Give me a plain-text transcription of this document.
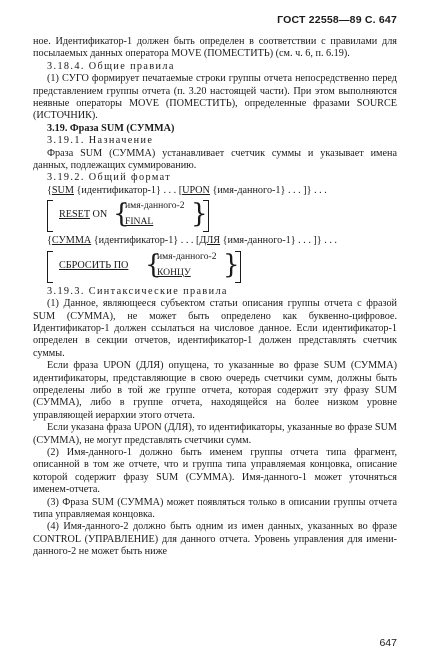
ГОСТ 22558—89 С. 647

ное. Идентификатор-1 должен быть определен в соответствии с правилами для посылаемых данных оператора MOVE (ПОМЕСТИТЬ) (см. ч. 6, п. 6.19).

3.18.4. Общие правила

(1) СУГО формирует печатаемые строки группы отчета непосредственно перед представлением группы отчета (п. 3.20 настоящей части). При этом выполняются неявные операторы MOVE (ПОМЕСТИТЬ), определенные фразами SOURCE (ИСТОЧНИК).

3.19. Фраза SUM (СУММА)

3.19.1. Назначение

Фраза SUM (СУММА) устанавливает счетчик суммы и указывает имена данных, подлежащих суммированию.

3.19.2. Общий формат

{SUM {идентификатор-1} . . . [UPON {имя-данного-1} . . . ]} . . .

RESET ON {
имя-данного-2
FINAL }

{СУММА {идентификатор-1} . . . [ДЛЯ {имя-данного-1} . . . ]} . . .

СБРОСИТЬ ПО {
имя-данного-2
КОНЦУ }

3.19.3. Синтаксические правила

(1) Данное, являющееся субъектом статьи описания группы отчета с фразой SUM (СУММА), не может быть определено как буквенно-цифровое. Идентификатор-1 должен ссылаться на числовое данное. Если идентификатор-1 определен в секции отчетов, идентификатор-1 должен представлять счетчик суммы.

Если фраза UPON (ДЛЯ) опущена, то указанные во фразе SUM (СУММА) идентификаторы, представляющие в свою очередь счетчики сумм, должны быть определены либо в той же группе отчета, которая содержит эту фразу SUM (СУММА), либо в группе отчета, находящейся на более низком уровне управляющей иерархии этого отчета.

Если указана фраза UPON (ДЛЯ), то идентификаторы, указанные во фразе SUM (СУММА), не могут представлять счетчики сумм.

(2) Имя-данного-1 должно быть именем группы отчета типа фрагмент, описанной в том же отчете, что и группа типа управляемая концовка, описание которой содержит фразу SUM (СУММА). Имя-данного-1 может уточняться именем-отчета.

(3) Фраза SUM (СУММА) может появляться только в описании группы отчета типа управляемая концовка.

(4) Имя-данного-2 должно быть одним из имен данных, указанных во фразе CONTROL (УПРАВЛЕНИЕ) для данного отчета. Уровень управления для имени-данного-2 не может быть ниже

647
